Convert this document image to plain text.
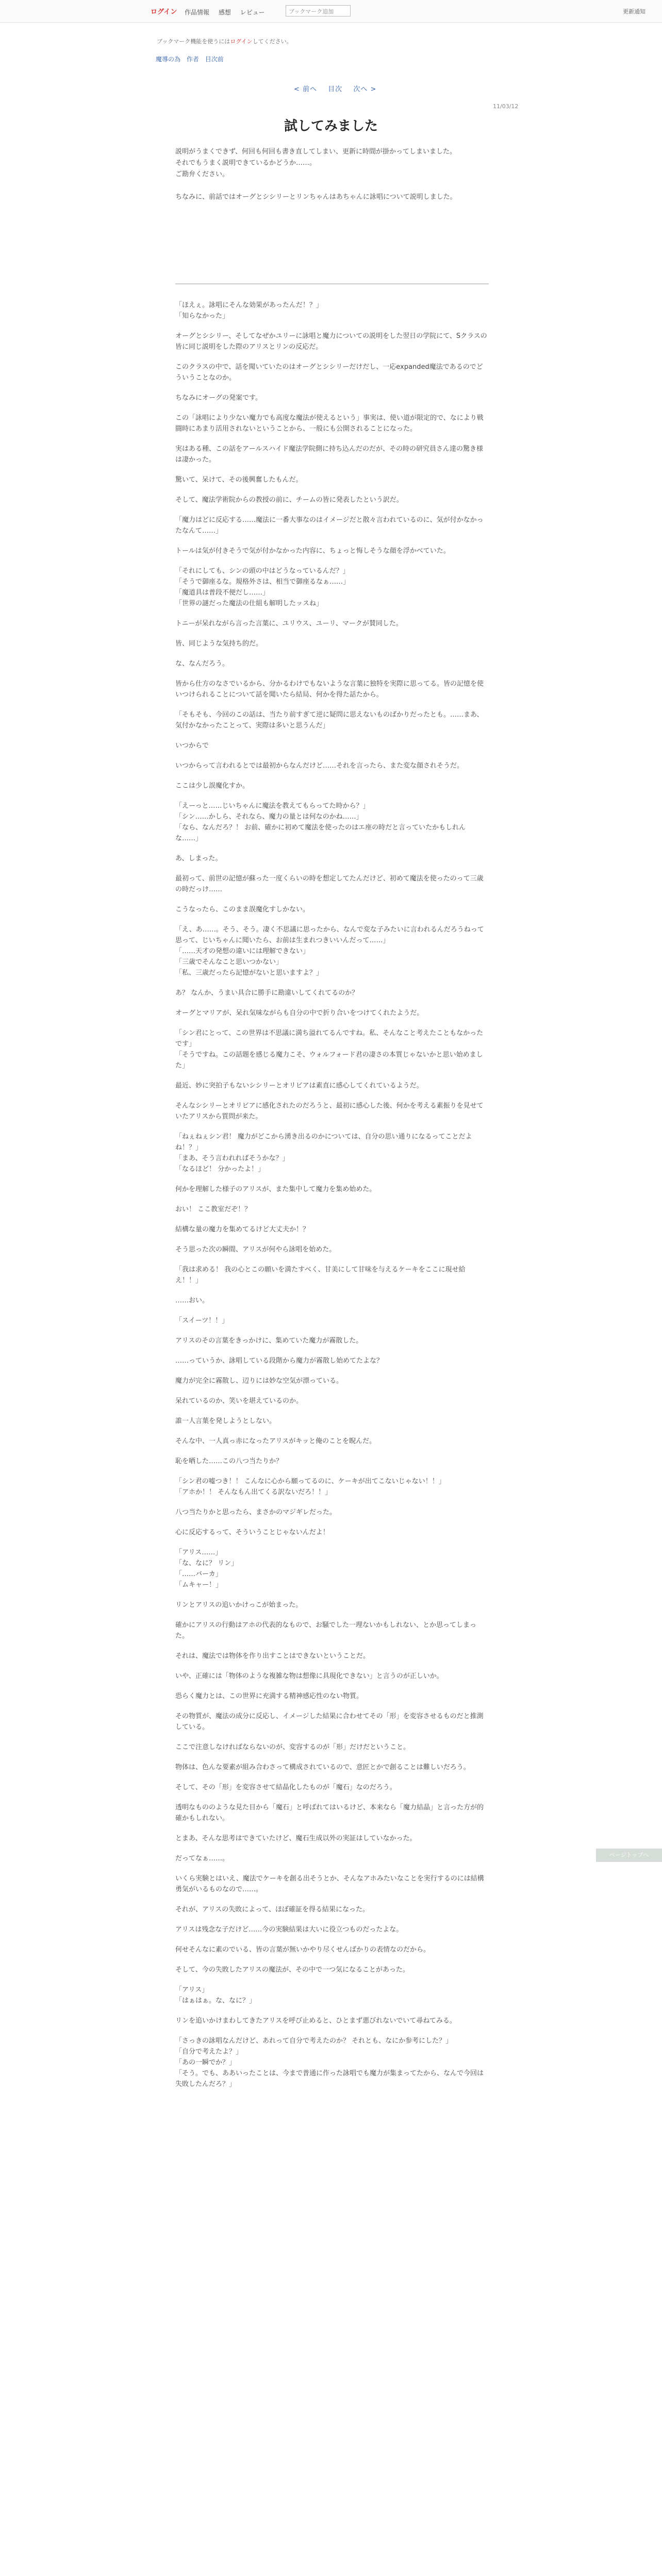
ログイン 作品情報 感想 レビュー	ブックマーク追加	更新通知
ブックマーク機能を使うにはログインしてください。
魔導の為 作者 目次前
< 前へ 目次 次へ >
11/03/12
試してみました

説明がうまくできず、何回も何回も書き直してしまい、更新に時間が掛かってしまいました。
それでもうまく説明できているかどうか……。
ご勘弁ください。

ちなみに、前話ではオーグとシシリーとリンちゃんはあちゃんに詠唱について説明しました。

「ほえぇ。詠唱にそんな効果があったんだ！？」
「知らなかった」

オーグとシシリー、そしてなぜかユリーに詠唱と魔力についての説明をした翌日の学院にて、Sクラスの皆に同じ説明をした際のアリスとリンの反応だ。

このクラスの中で、話を聞いていたのはオーグとシシリーだけだし、一応expanded魔法であるのでどういうことなのか。

ちなみにオーグの発案です。

この「詠唱により少ない魔力でも高度な魔法が使えるという」事実は、使い道が限定的で、なにより戦闘時にあまり活用されないということから、一般にも公開されることになった。

実はある種、この話をアールスハイド魔法学院側に持ち込んだのだが、その時の研究員さん達の驚き様は凄かった。

驚いて、呆けて、その後興奮したもんだ。

そして、魔法学術院からの教授の前に、チームの皆に発表したという訳だ。

「魔力はどに反応する……魔法に一番大事なのはイメージだと散々言われているのに、気が付かなかったなんて……」

トールは気が付きそうで気が付かなかった内容に、ちょっと悔しそうな顔を浮かべていた。

「それにしても、シンの頭の中はどうなっているんだ？」
「そうで御座るな。規格外さは、相当で御座るなぁ……」
「魔道具は普段不便だし……」
「世界の謎だった魔法の仕組も解明したッスね」

トニーが呆れながら言った言葉に、ユリウス、ユーリ、マークが賛同した。

皆、同じような気持ち的だ。

な、なんだろう。

皆から仕方のなさでいるから、分かるわけでもないような言葉に独特を実際に思ってる。皆の記憶を使いつけられることについて話を聞いたら結局、何かを得た話たから。

「そもそも、今回のこの話は、当たり前すぎて逆に疑問に思えないものばかりだったとも。……まあ、気付かなかったことって、実際は多いと思うんだ」

いつからで

いつからって言われるとでは最初からなんだけど……それを言ったら、また変な顔されそうだ。

ここは少し誤魔化すか。

「えーっと……じいちゃんに魔法を教えてもらってた時から？」
「シン……かしら、それなら、魔力の量とは何なのかね……」
「なら、なんだろ？！ お前、確かに初めて魔法を使ったのはエ座の時だと言っていたかもしれんな……」

あ、しまった。

最初って、前世の記憶が蘇った一度くらいの時を想定してたんだけど、初めて魔法を使ったのって三歳の時だっけ……

こうなったら、このまま誤魔化すしかない。

「え、あ……。そう、そう。凄く不思議に思ったから、なんで変な子みたいに言われるんだろうねって思って、じいちゃんに聞いたら、お前は生まれつきいいんだって……」
「……天才の発想の違いには理解できない」
「三歳でそんなこと思いつかない」
「私、三歳だったら記憶がないと思いますよ？」

あ？ なんか、うまい具合に勝手に勘違いしてくれてるのか？

オーグとマリアが、呆れ気味ながらも自分の中で折り合いをつけてくれたようだ。

「シン君にとって、この世界は不思議に満ち溢れてるんですね。私、そんなこと考えたこともなかったです」
「そうですね。この話題を感じる魔力こそ、ウォルフォード君の凄さの本質じゃないかと思い始めました」

最近、妙に突拍子もないシシリーとオリビアは素直に感心してくれているようだ。

そんなシシリーとオリビアに感化されたのだろうと、最初に感心した後、何かを考える素振りを見せていたアリスから質問が来た。

「ねぇねぇシン君！ 魔力がどこから湧き出るのかについては、自分の思い通りになるってことだよね！？」
「まあ、そう言われればそうかな？」
「なるほど！ 分かったよ！」

何かを理解した様子のアリスが、また集中して魔力を集め始めた。

おい！ ここ教室だぞ！？

結構な量の魔力を集めてるけど大丈夫か！？

そう思った次の瞬間、アリスが何やら詠唱を始めた。

「我は求める！ 我の心とこの願いを満たすべく、甘美にして甘味を与えるケーキをここに現せ給え！！」

……おい。

「スイーツ！！」

アリスのその言葉をきっかけに、集めていた魔力が霧散した。

……っていうか、詠唱している段階から魔力が霧散し始めてたよな？

魔力が完全に霧散し、辺りには妙な空気が漂っている。

呆れているのか、笑いを堪えているのか。

誰一人言葉を発しようとしない。

そんな中、一人真っ赤になったアリスがキッと俺のことを睨んだ。

恥を晒した……この八つ当たりか？

「シン君の嘘つき！！ こんなに心から願ってるのに、ケーキが出てこないじゃない！！」
「アホか！！ そんなもん出てくる訳ないだろ！！」

八つ当たりかと思ったら、まさかのマジギレだった。

心に反応するって、そういうことじゃないんだよ！

「アリス……」
「な、なに？ リン」
「……バーカ」
「ムキャー！」

リンとアリスの追いかけっこが始まった。

確かにアリスの行動はアホの代表的なもので、お騒でした一理ないかもしれない、とか思ってしまった。

それは、魔法では物体を作り出すことはできないということだ。

いや、正確には「物体のような複雑な物は想像に具現化できない」と言うのが正しいか。

恐らく魔力とは、この世界に充満する精神感応性のない物質。

その物質が、魔法の成分に反応し、イメージした結果に合わせてその「形」を変容させるものだと推測している。

ここで注意しなければならないのが、変容するのが「形」だけだということ。

物体は、色んな要素が組み合わさって構成されているので、意匠とかで創ることは難しいだろう。

そして、その「形」を変容させて結晶化したものが「魔石」なのだろう。

透明なもののような見た目から「魔石」と呼ばれてはいるけど、本来なら「魔力結晶」と言った方が的確かもしれない。

とまあ、そんな思考はできていたけど、魔石生成以外の実証はしていなかった。

だってなぁ……。

いくら実験とはいえ、魔法でケーキを創る出そうとか、そんなアホみたいなことを実行するのには結構勇気がいるものなので……。

それが、アリスの失敗によって、ほぼ確証を得る結果になった。

アリスは残念な子だけど……今の実験結果は大いに役立つものだったよな。

何せそんなに素のでいる、皆の言葉が無いかやり尽くせんばかりの表情なのだから。

そして、今の失敗したアリスの魔法が、その中で一つ気になることがあった。

「アリス」
「はぁはぁ。な、なに？」

リンを追いかけまわしてきたアリスを呼び止めると、ひとまず悪びれないでいて尋ねてみる。

「さっきの詠唱なんだけど、あれって自分で考えたのか？ それとも、なにか参考にした？」
「自分で考えたよ？」
「あの一瞬でか？」
「そう。でも、ああいったことは、今まで普通に作った詠唱でも魔力が集まってたから、なんで今回は失敗したんだろ？」

ページトップへ
